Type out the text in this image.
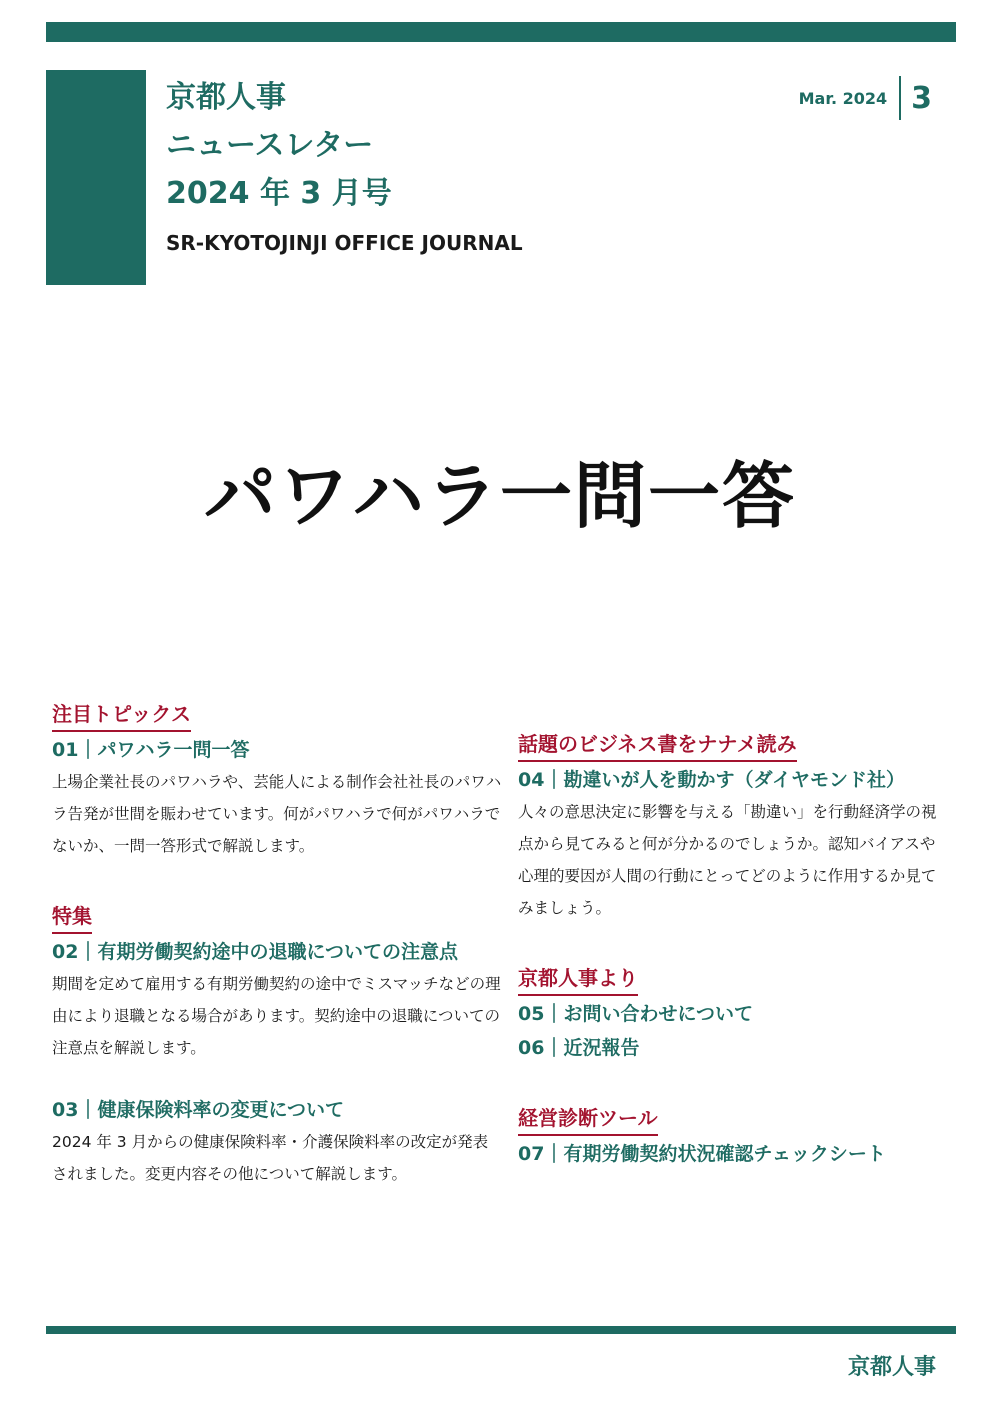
京都人事
ニュースレター
2024 年 3 月号
SR-KYOTOJINJI OFFICE JOURNAL
Mar. 2024 3
パワハラ一問一答
注目トピックス
01｜パワハラ一問一答
上場企業社長のパワハラや、芸能人による制作会社社長のパワハラ告発が世間を賑わせています。何がパワハラで何がパワハラでないか、一問一答形式で解説します。
特集
02｜有期労働契約途中の退職についての注意点
期間を定めて雇用する有期労働契約の途中でミスマッチなどの理由により退職となる場合があります。契約途中の退職についての注意点を解説します。
03｜健康保険料率の変更について
2024 年 3 月からの健康保険料率・介護保険料率の改定が発表されました。変更内容その他について解説します。
話題のビジネス書をナナメ読み
04｜勘違いが人を動かす（ダイヤモンド社）
人々の意思決定に影響を与える「勘違い」を行動経済学の視点から見てみると何が分かるのでしょうか。認知バイアスや心理的要因が人間の行動にとってどのように作用するか見てみましょう。
京都人事より
05｜お問い合わせについて
06｜近況報告
経営診断ツール
07｜有期労働契約状況確認チェックシート
京都人事
